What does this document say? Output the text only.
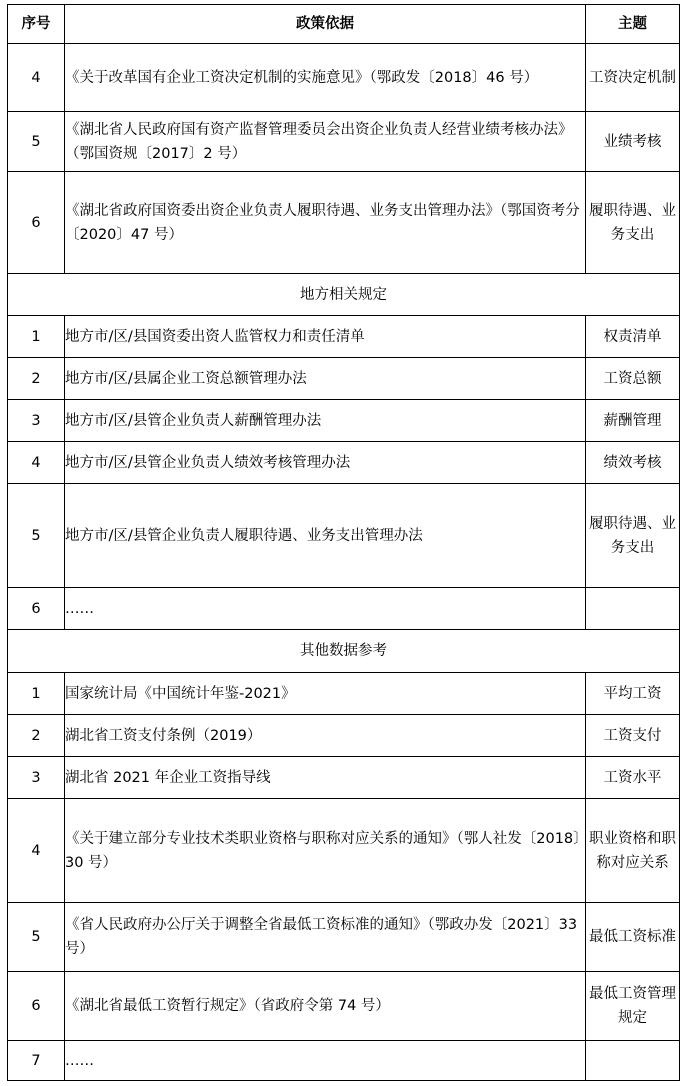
序号	政策依据	主题
4	《关于改革国有企业工资决定机制的实施意见》（鄂政发〔2018〕46 号）	工资决定机制
5	《湖北省人民政府国有资产监督管理委员会出资企业负责人经营业绩考核办法》（鄂国资规〔2017〕2 号）	业绩考核
6	《湖北省政府国资委出资企业负责人履职待遇、业务支出管理办法》（鄂国资考分〔2020〕47 号）	履职待遇、业务支出
地方相关规定		
1	地方市/区/县国资委出资人监管权力和责任清单	权责清单
2	地方市/区/县属企业工资总额管理办法	工资总额
3	地方市/区/县管企业负责人薪酬管理办法	薪酬管理
4	地方市/区/县管企业负责人绩效考核管理办法	绩效考核
5	地方市/区/县管企业负责人履职待遇、业务支出管理办法	履职待遇、业务支出
6	……	
其他数据参考		
1	国家统计局《中国统计年鉴-2021》	平均工资
2	湖北省工资支付条例（2019）	工资支付
3	湖北省 2021 年企业工资指导线	工资水平
4	《关于建立部分专业技术类职业资格与职称对应关系的通知》（鄂人社发〔2018〕30 号）	职业资格和职称对应关系
5	《省人民政府办公厅关于调整全省最低工资标准的通知》（鄂政办发〔2021〕33 号）	最低工资标准
6	《湖北省最低工资暂行规定》（省政府令第 74 号）	最低工资管理规定
7	……	
